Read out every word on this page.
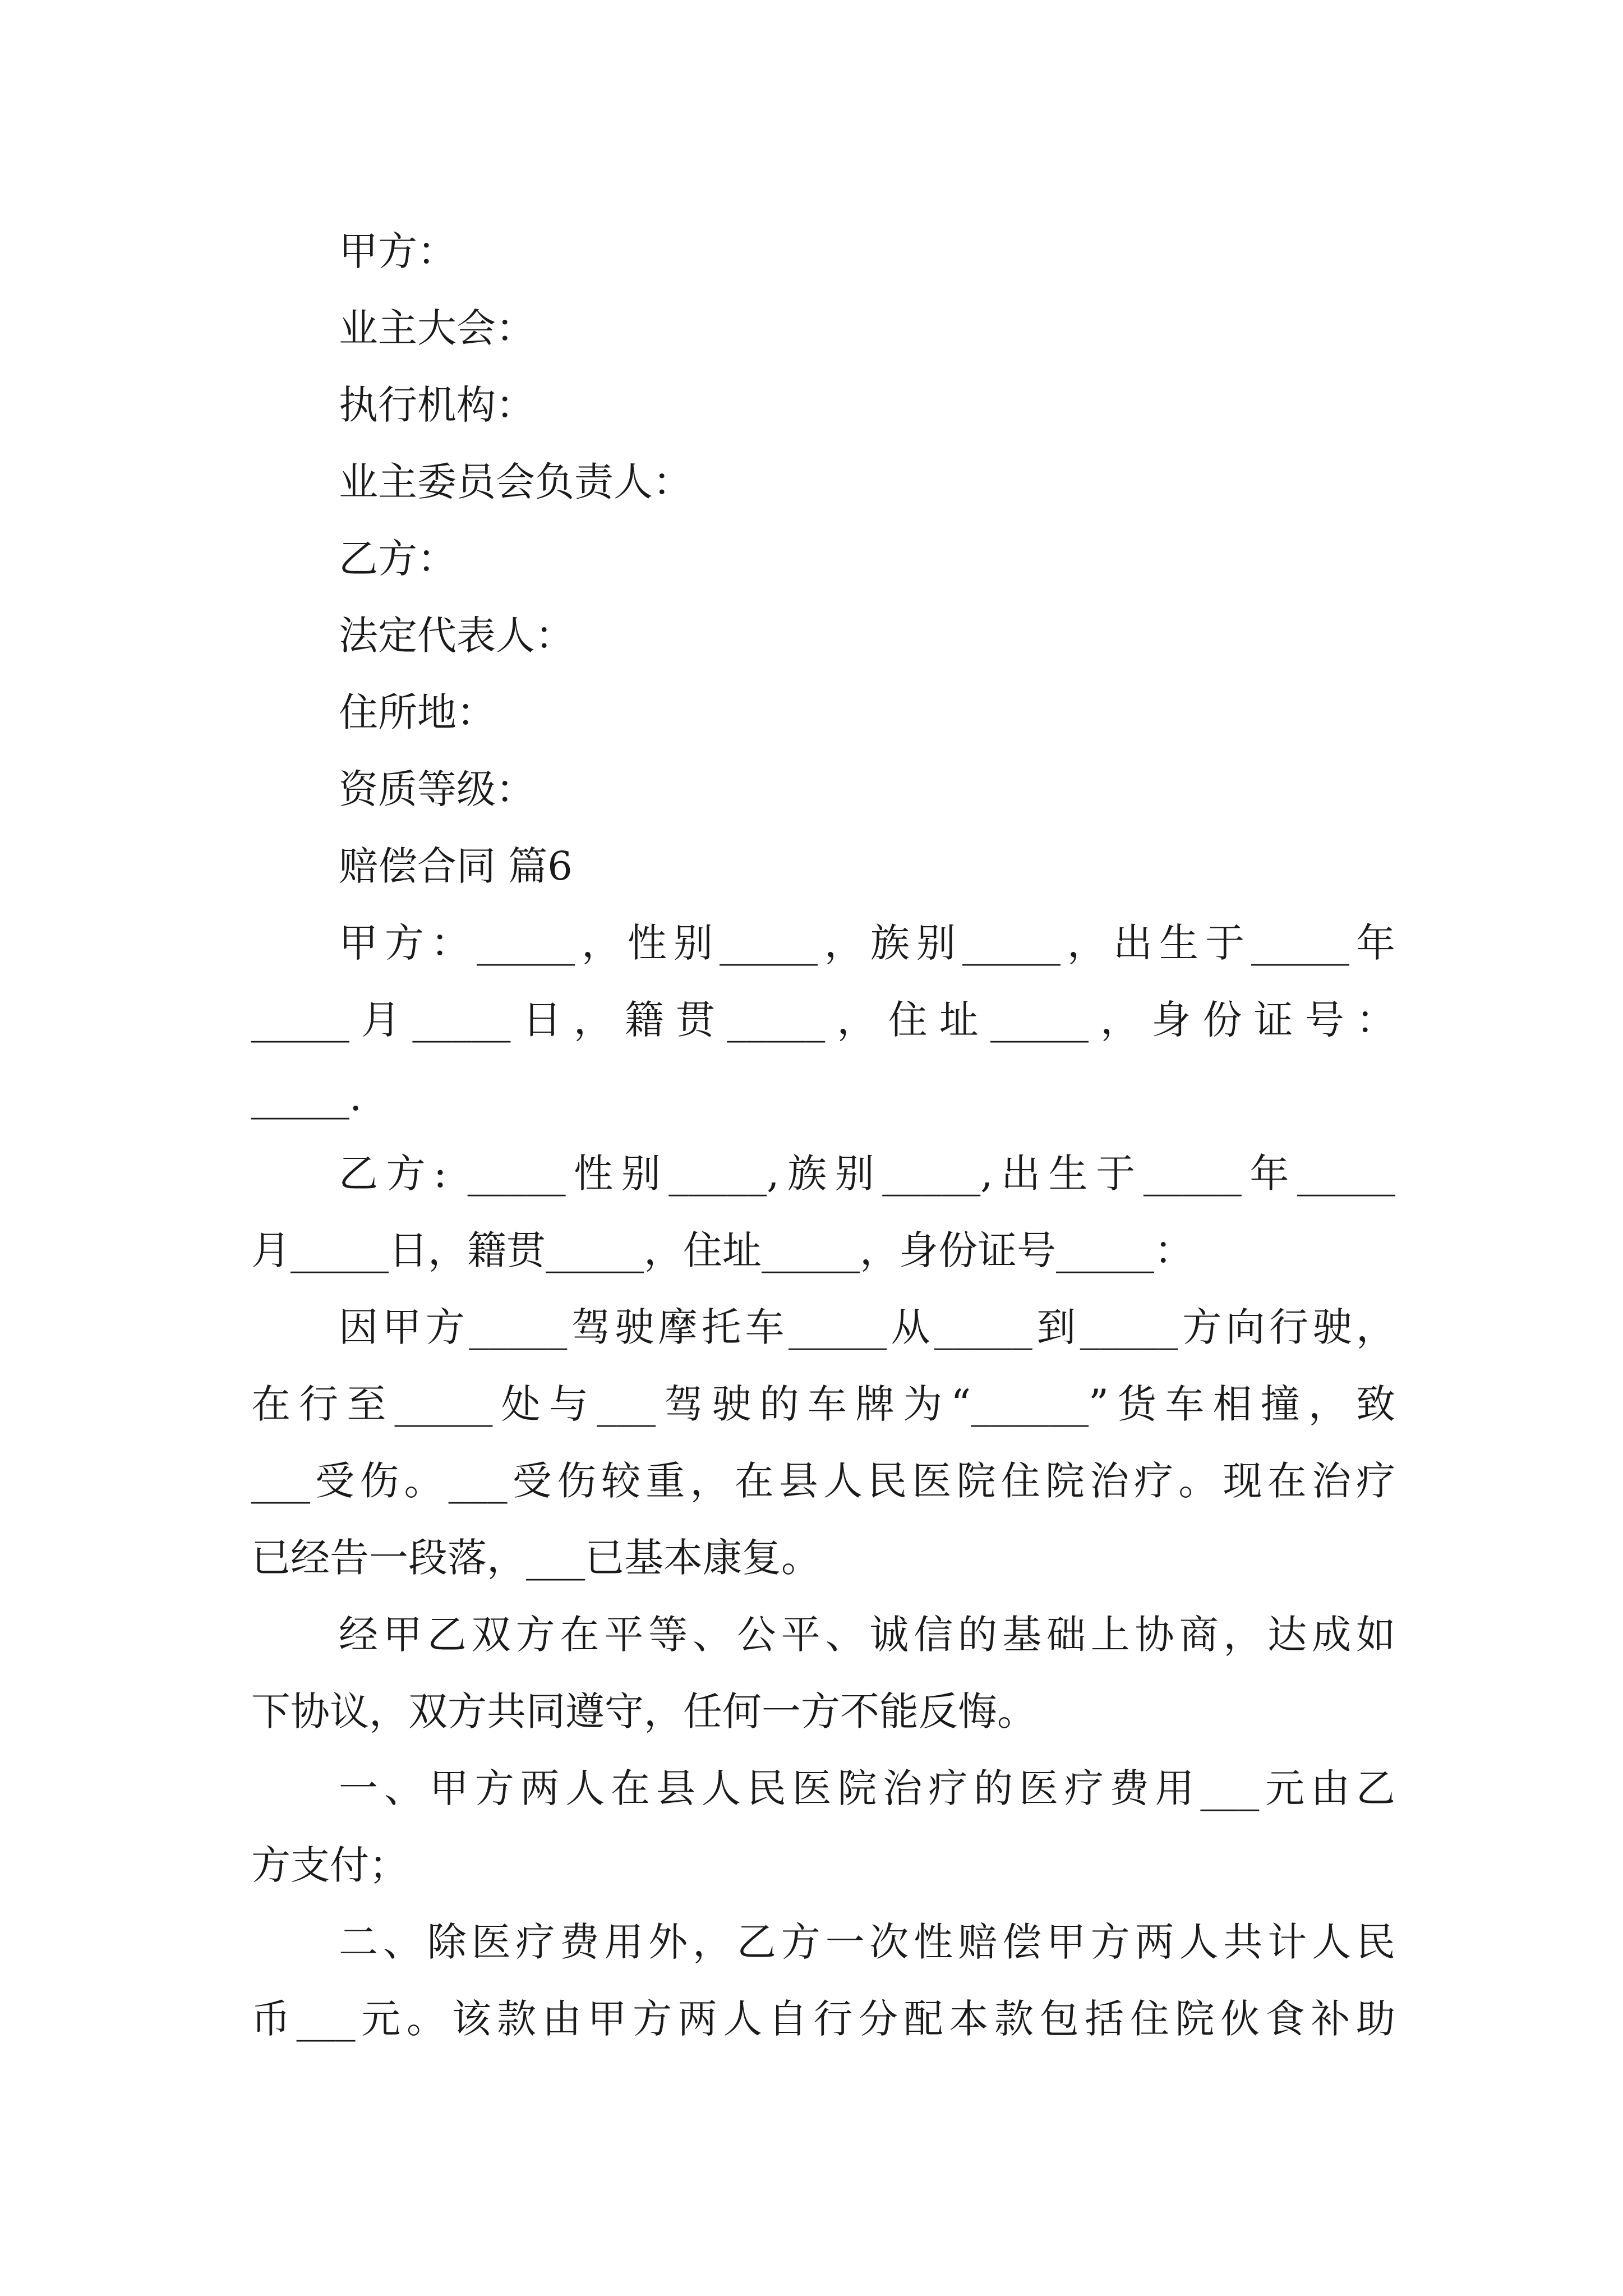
甲方：

业主大会：

执行机构：

业主委员会负责人：

乙方：

法定代表人：

住所地：

资质等级：

赔偿合同 篇6

甲方：_____，性别_____，族别_____，出生于_____年

_____月_____日，籍贯_____，住址_____，身份证号：

_____.

乙方: _____性别_____,族别_____,出生于_____年_____

月_____日，籍贯_____，住址_____，身份证号_____：

因甲方_____驾驶摩托车_____从_____到_____方向行驶，

在行至_____处与___驾驶的车牌为“______”货车相撞，致

___受伤。___受伤较重，在县人民医院住院治疗。现在治疗

已经告一段落，___已基本康复。

经甲乙双方在平等、公平、诚信的基础上协商，达成如

下协议，双方共同遵守，任何一方不能反悔。

一、甲方两人在县人民医院治疗的医疗费用___元由乙

方支付；

二、除医疗费用外，乙方一次性赔偿甲方两人共计人民

币___元。该款由甲方两人自行分配本款包括住院伙食补助
